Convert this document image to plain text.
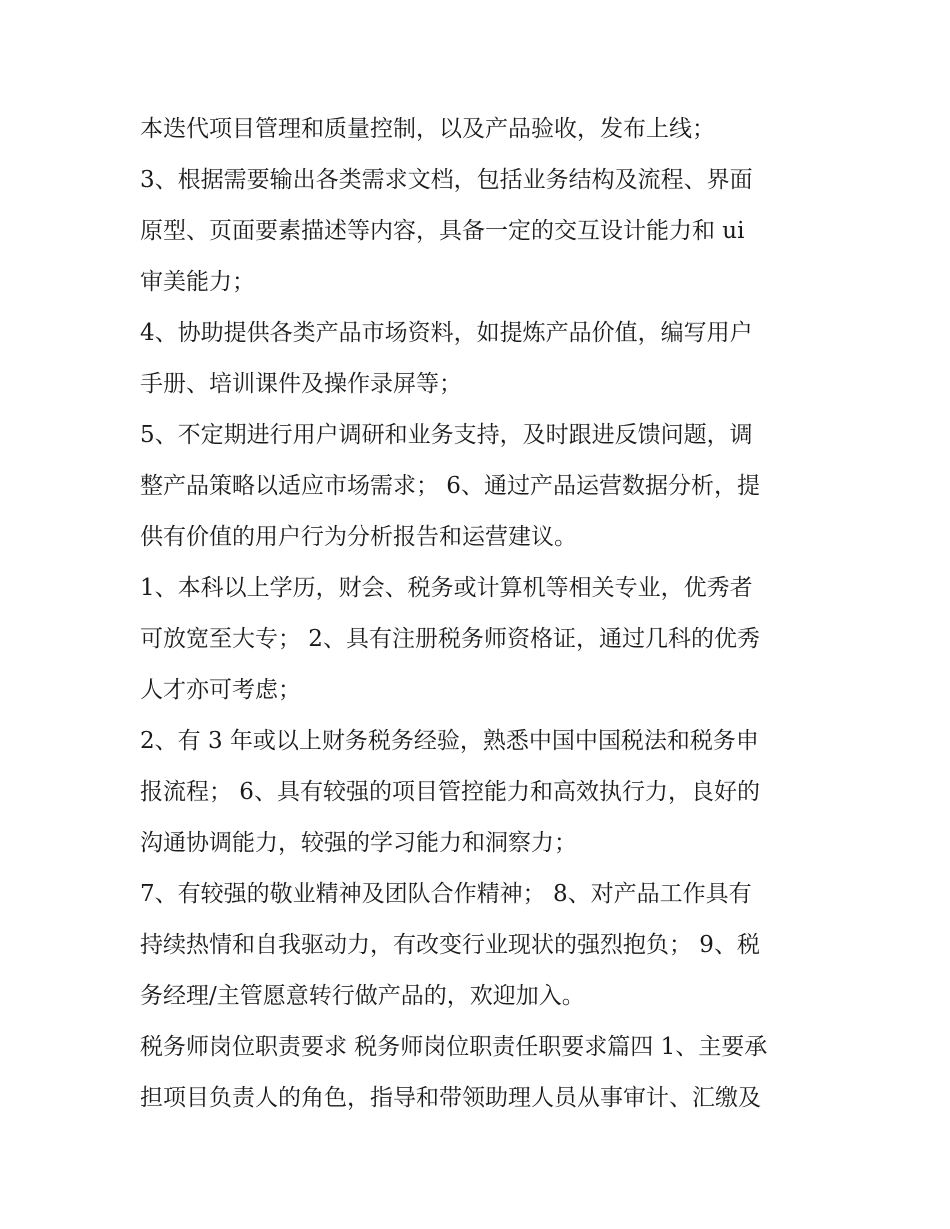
本迭代项目管理和质量控制，以及产品验收，发布上线；
3、根据需要输出各类需求文档，包括业务结构及流程、界面
原型、页面要素描述等内容，具备一定的交互设计能力和 ui
审美能力；
4、协助提供各类产品市场资料，如提炼产品价值，编写用户
手册、培训课件及操作录屏等；
5、不定期进行用户调研和业务支持，及时跟进反馈问题，调
整产品策略以适应市场需求； 6、通过产品运营数据分析，提
供有价值的用户行为分析报告和运营建议。
1、本科以上学历，财会、税务或计算机等相关专业，优秀者
可放宽至大专； 2、具有注册税务师资格证，通过几科的优秀
人才亦可考虑；
2、有 3 年或以上财务税务经验，熟悉中国中国税法和税务申
报流程； 6、具有较强的项目管控能力和高效执行力，良好的
沟通协调能力，较强的学习能力和洞察力；
7、有较强的敬业精神及团队合作精神； 8、对产品工作具有
持续热情和自我驱动力，有改变行业现状的强烈抱负； 9、税
务经理/主管愿意转行做产品的，欢迎加入。
税务师岗位职责要求 税务师岗位职责任职要求篇四 1、主要承
担项目负责人的角色，指导和带领助理人员从事审计、汇缴及
